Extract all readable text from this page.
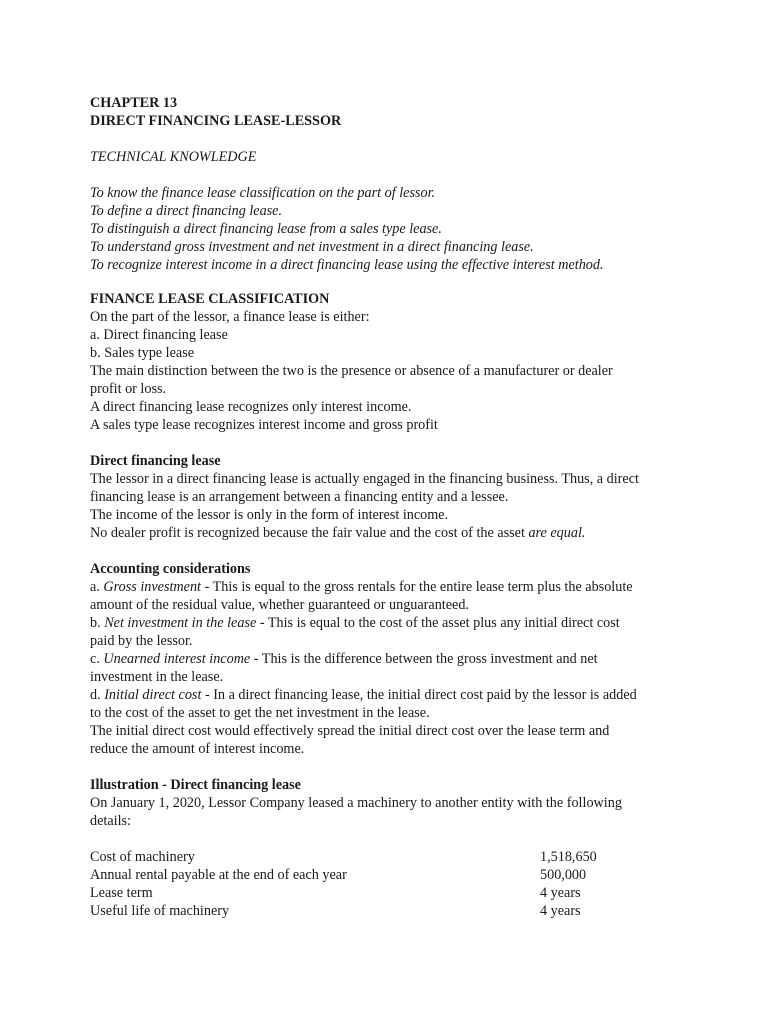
CHAPTER 13

DIRECT FINANCING LEASE-LESSOR

TECHNICAL KNOWLEDGE

To know the finance lease classification on the part of lessor.

To define a direct financing lease.

To distinguish a direct financing lease from a sales type lease.

To understand gross investment and net investment in a direct financing lease.

To recognize interest income in a direct financing lease using the effective interest method.

FINANCE LEASE CLASSIFICATION

On the part of the lessor, a finance lease is either:

a. Direct financing lease

b. Sales type lease

The main distinction between the two is the presence or absence of a manufacturer or dealer

profit or loss.

A direct financing lease recognizes only interest income.

A sales type lease recognizes interest income and gross profit

Direct financing lease

The lessor in a direct financing lease is actually engaged in the financing business. Thus, a direct

financing lease is an arrangement between a financing entity and a lessee.

The income of the lessor is only in the form of interest income.

No dealer profit is recognized because the fair value and the cost of the asset are equal.

Accounting considerations

a. Gross investment - This is equal to the gross rentals for the entire lease term plus the absolute

amount of the residual value, whether guaranteed or unguaranteed.

b. Net investment in the lease - This is equal to the cost of the asset plus any initial direct cost

paid by the lessor.

c. Unearned interest income - This is the difference between the gross investment and net

investment in the lease.

d. Initial direct cost - In a direct financing lease, the initial direct cost paid by the lessor is added

to the cost of the asset to get the net investment in the lease.

The initial direct cost would effectively spread the initial direct cost over the lease term and

reduce the amount of interest income.

Illustration - Direct financing lease

On January 1, 2020, Lessor Company leased a machinery to another entity with the following

details:

Cost of machinery	1,518,650
Annual rental payable at the end of each year	500,000
Lease term	4 years
Useful life of machinery	4 years
